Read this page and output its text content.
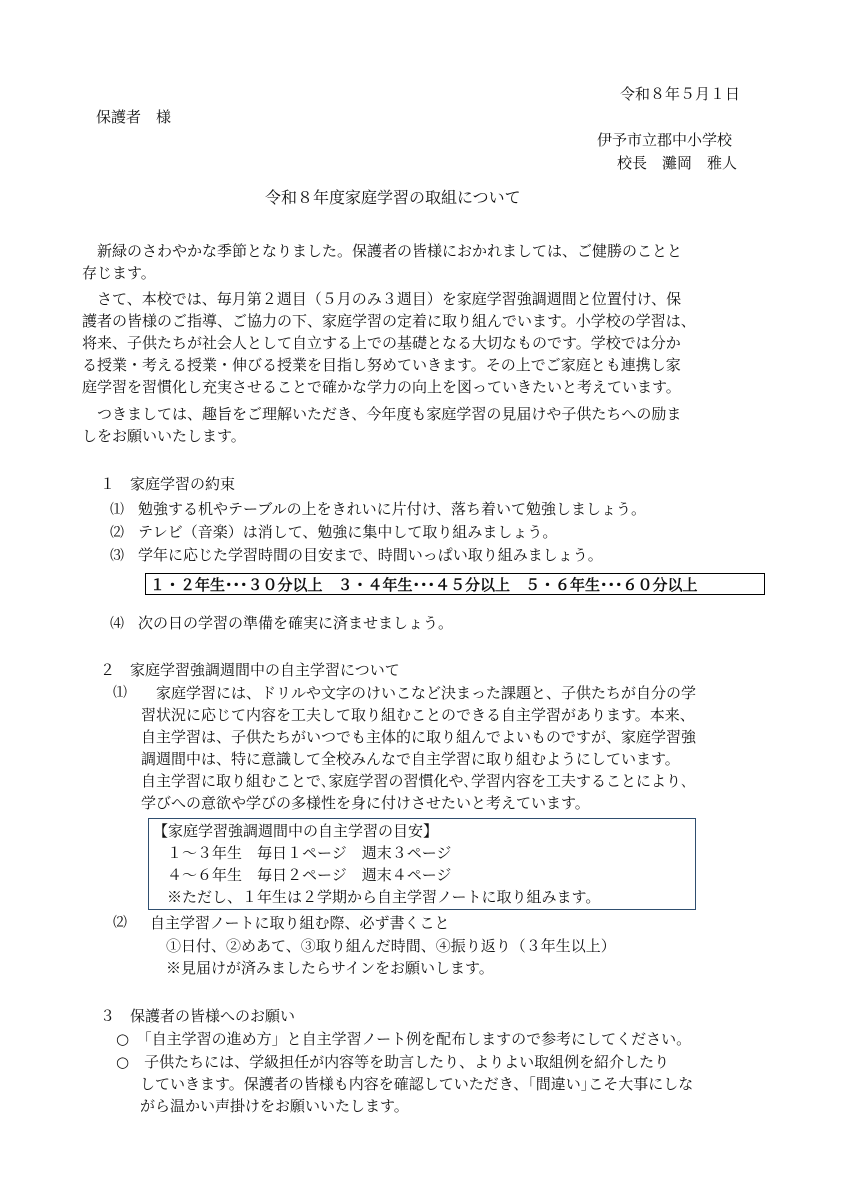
令和８年５月１日
保護者　様
伊予市立郡中小学校
校長　灘岡　雅人
令和８年度家庭学習の取組について
　新緑のさわやかな季節となりました。保護者の皆様におかれましては、ご健勝のことと
存じます。
　さて、本校では、毎月第２週目（５月のみ３週目）を家庭学習強調週間と位置付け、保
護者の皆様のご指導、ご協力の下、家庭学習の定着に取り組んでいます。小学校の学習は、
将来、子供たちが社会人として自立する上での基礎となる大切なものです。学校では分か
る授業・考える授業・伸びる授業を目指し努めていきます。その上でご家庭とも連携し家
庭学習を習慣化し充実させることで確かな学力の向上を図っていきたいと考えています。
　つきましては、趣旨をご理解いただき、今年度も家庭学習の見届けや子供たちへの励ま
しをお願いいたします。
１　家庭学習の約束
⑴ 勉強する机やテーブルの上をきれいに片付け、落ち着いて勉強しましょう。
⑵ テレビ（音楽）は消して、勉強に集中して取り組みましょう。
⑶ 学年に応じた学習時間の目安まで、時間いっぱい取り組みましょう。
１・２年生･･･３０分以上　３・４年生･･･４５分以上　５・６年生･･･６０分以上
⑷ 次の日の学習の準備を確実に済ませましょう。
２　家庭学習強調週間中の自主学習について
⑴ 　家庭学習には、ドリルや文字のけいこなど決まった課題と、子供たちが自分の学
習状況に応じて内容を工夫して取り組むことのできる自主学習があります。本来、
自主学習は、子供たちがいつでも主体的に取り組んでよいものですが、家庭学習強
調週間中は、特に意識して全校みんなで自主学習に取り組むようにしています。
自主学習に取り組むことで､家庭学習の習慣化や､学習内容を工夫することにより､
学びへの意欲や学びの多様性を身に付けさせたいと考えています。
【家庭学習強調週間中の自主学習の目安】
１～３年生　毎日１ページ　週末３ページ
４～６年生　毎日２ページ　週末４ページ
※ただし、１年生は２学期から自主学習ノートに取り組みます。
⑵ 自主学習ノートに取り組む際、必ず書くこと
①日付、②めあて、③取り組んだ時間、④振り返り（３年生以上）
※見届けが済みましたらサインをお願いします。
３　保護者の皆様へのお願い
○　「自主学習の進め方」と自主学習ノート例を配布しますので参考にしてください。
○　子供たちには、学級担任が内容等を助言したり、よりよい取組例を紹介したり
していきます。保護者の皆様も内容を確認していただき、｢間違い｣こそ大事にしな
がら温かい声掛けをお願いいたします。
